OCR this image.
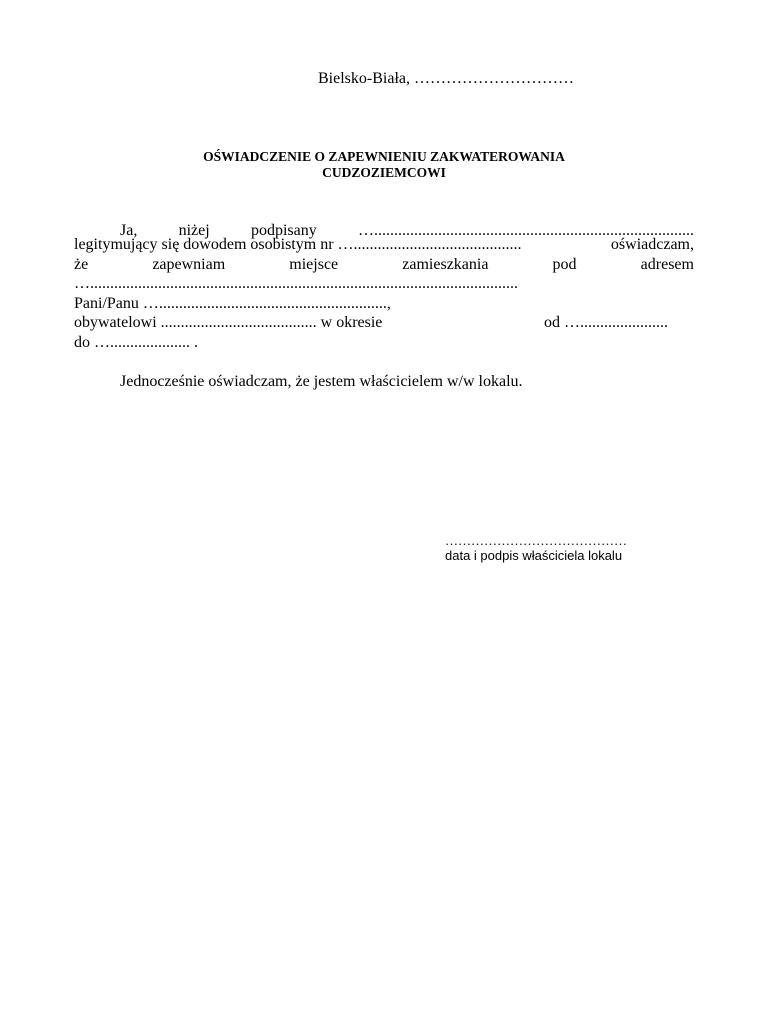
Bielsko-Biała, …………………………
OŚWIADCZENIE O ZAPEWNIENIU ZAKWATEROWANIA
CUDZOZIEMCOWI
Ja,	niżej	podpisany	…................................................................................
legitymujący się dowodem osobistym nr …..........................................	oświadczam,
że	zapewniam	miejsce	zamieszkania	pod	adresem
…...........................................................................................................
Pani/Panu ….........................................................,
obywatelowi ....................................... w okresie	od …......................
do ….................... .
Jednocześnie oświadczam, że jestem właścicielem w/w lokalu.
……………………………………
data i podpis właściciela lokalu
